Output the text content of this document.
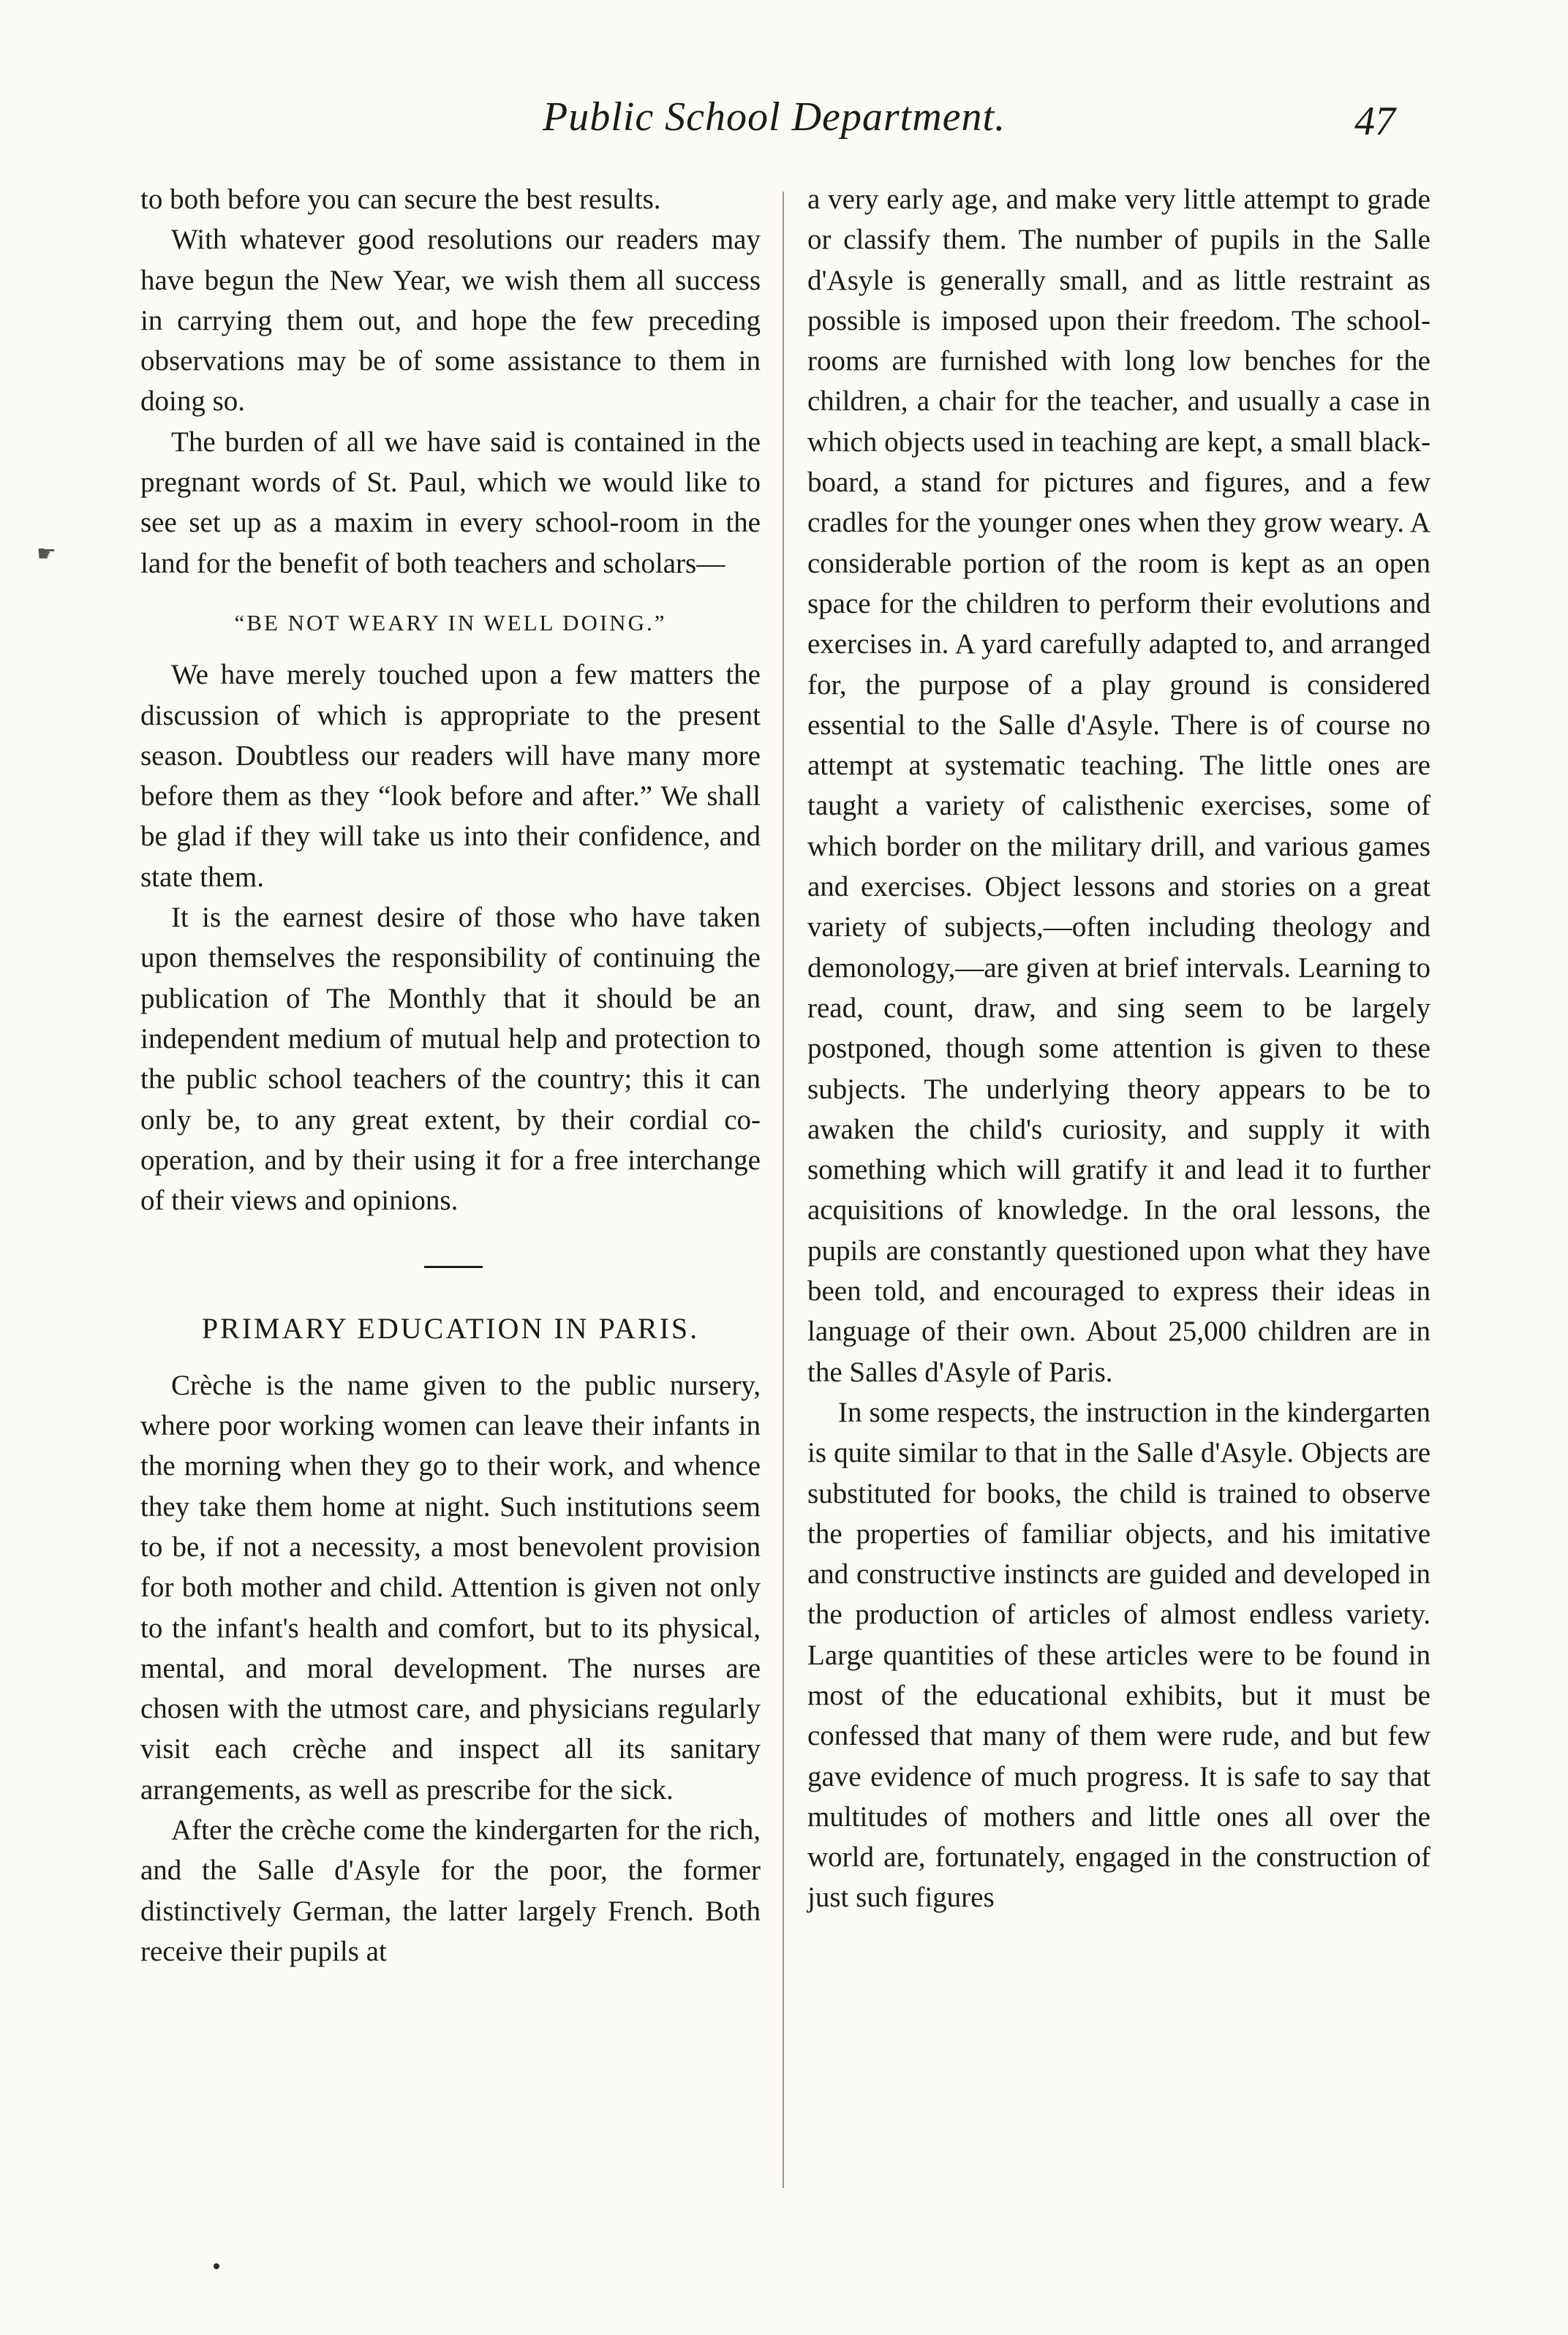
Public School Department.	47
☛

to both before you can secure the best results.

With whatever good resolutions our readers may have begun the New Year, we wish them all success in carrying them out, and hope the few preceding observations may be of some assistance to them in doing so.

The burden of all we have said is contained in the pregnant words of St. Paul, which we would like to see set up as a maxim in every school-room in the land for the benefit of both teachers and scholars—

“BE NOT WEARY IN WELL DOING.”

We have merely touched upon a few matters the discussion of which is appropriate to the present season. Doubtless our readers will have many more before them as they “look before and after.” We shall be glad if they will take us into their confidence, and state them.

It is the earnest desire of those who have taken upon themselves the responsibility of continuing the publication of The Monthly that it should be an independent medium of mutual help and protection to the public school teachers of the country; this it can only be, to any great extent, by their cordial co-operation, and by their using it for a free interchange of their views and opinions.

PRIMARY EDUCATION IN PARIS.

Crèche is the name given to the public nursery, where poor working women can leave their infants in the morning when they go to their work, and whence they take them home at night. Such institutions seem to be, if not a necessity, a most benevolent provision for both mother and child. Attention is given not only to the infant's health and comfort, but to its physical, mental, and moral development. The nurses are chosen with the utmost care, and physicians regularly visit each crèche and inspect all its sanitary arrangements, as well as prescribe for the sick.

After the crèche come the kindergarten for the rich, and the Salle d'Asyle for the poor, the former distinctively German, the latter largely French. Both receive their pupils at

a very early age, and make very little attempt to grade or classify them. The number of pupils in the Salle d'Asyle is generally small, and as little restraint as possible is imposed upon their freedom. The school-rooms are furnished with long low benches for the children, a chair for the teacher, and usually a case in which objects used in teaching are kept, a small black-board, a stand for pictures and figures, and a few cradles for the younger ones when they grow weary. A considerable portion of the room is kept as an open space for the children to perform their evolutions and exercises in. A yard carefully adapted to, and arranged for, the purpose of a play ground is considered essential to the Salle d'Asyle. There is of course no attempt at systematic teaching. The little ones are taught a variety of calisthenic exercises, some of which border on the military drill, and various games and exercises. Object lessons and stories on a great variety of subjects,—often including theology and demonology,—are given at brief intervals. Learning to read, count, draw, and sing seem to be largely postponed, though some attention is given to these subjects. The underlying theory appears to be to awaken the child's curiosity, and supply it with something which will gratify it and lead it to further acquisitions of knowledge. In the oral lessons, the pupils are constantly questioned upon what they have been told, and encouraged to express their ideas in language of their own. About 25,000 children are in the Salles d'Asyle of Paris.

In some respects, the instruction in the kindergarten is quite similar to that in the Salle d'Asyle. Objects are substituted for books, the child is trained to observe the properties of familiar objects, and his imitative and constructive instincts are guided and developed in the production of articles of almost endless variety. Large quantities of these articles were to be found in most of the educational exhibits, but it must be confessed that many of them were rude, and but few gave evidence of much progress. It is safe to say that multitudes of mothers and little ones all over the world are, fortunately, engaged in the construction of just such figures
